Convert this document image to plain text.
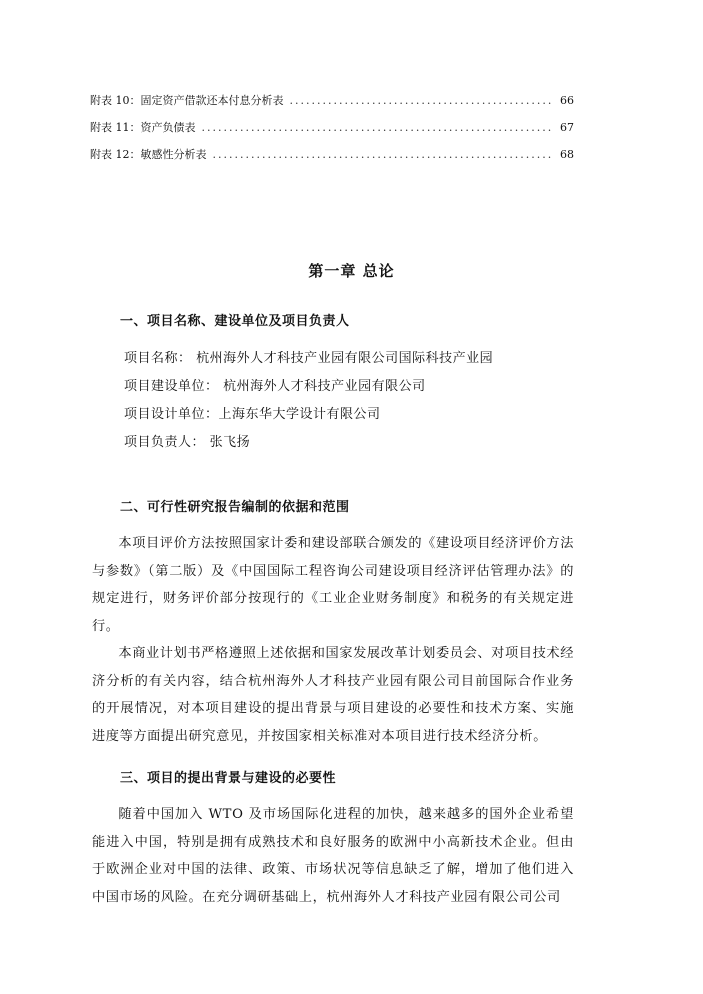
附表 10：固定资产借款还本付息分析表 .....	66
附表 11：资产负债表 .....	67
附表 12：敏感性分析表 .....	68
第一章 总论
一、项目名称、建设单位及项目负责人
项目名称： 杭州海外人才科技产业园有限公司国际科技产业园
项目建设单位： 杭州海外人才科技产业园有限公司
项目设计单位：上海东华大学设计有限公司
项目负责人： 张飞扬
二、可行性研究报告编制的依据和范围
本项目评价方法按照国家计委和建设部联合颁发的《建设项目经济评价方法与参数》（第二版）及《中国国际工程咨询公司建设项目经济评估管理办法》的规定进行，财务评价部分按现行的《工业企业财务制度》和税务的有关规定进行。
本商业计划书严格遵照上述依据和国家发展改革计划委员会、对项目技术经济分析的有关内容，结合杭州海外人才科技产业园有限公司目前国际合作业务的开展情况，对本项目建设的提出背景与项目建设的必要性和技术方案、实施进度等方面提出研究意见，并按国家相关标准对本项目进行技术经济分析。
三、项目的提出背景与建设的必要性
随着中国加入 WTO 及市场国际化进程的加快，越来越多的国外企业希望能进入中国，特别是拥有成熟技术和良好服务的欧洲中小高新技术企业。但由于欧洲企业对中国的法律、政策、市场状况等信息缺乏了解，增加了他们进入中国市场的风险。在充分调研基础上，杭州海外人才科技产业园有限公司公司
